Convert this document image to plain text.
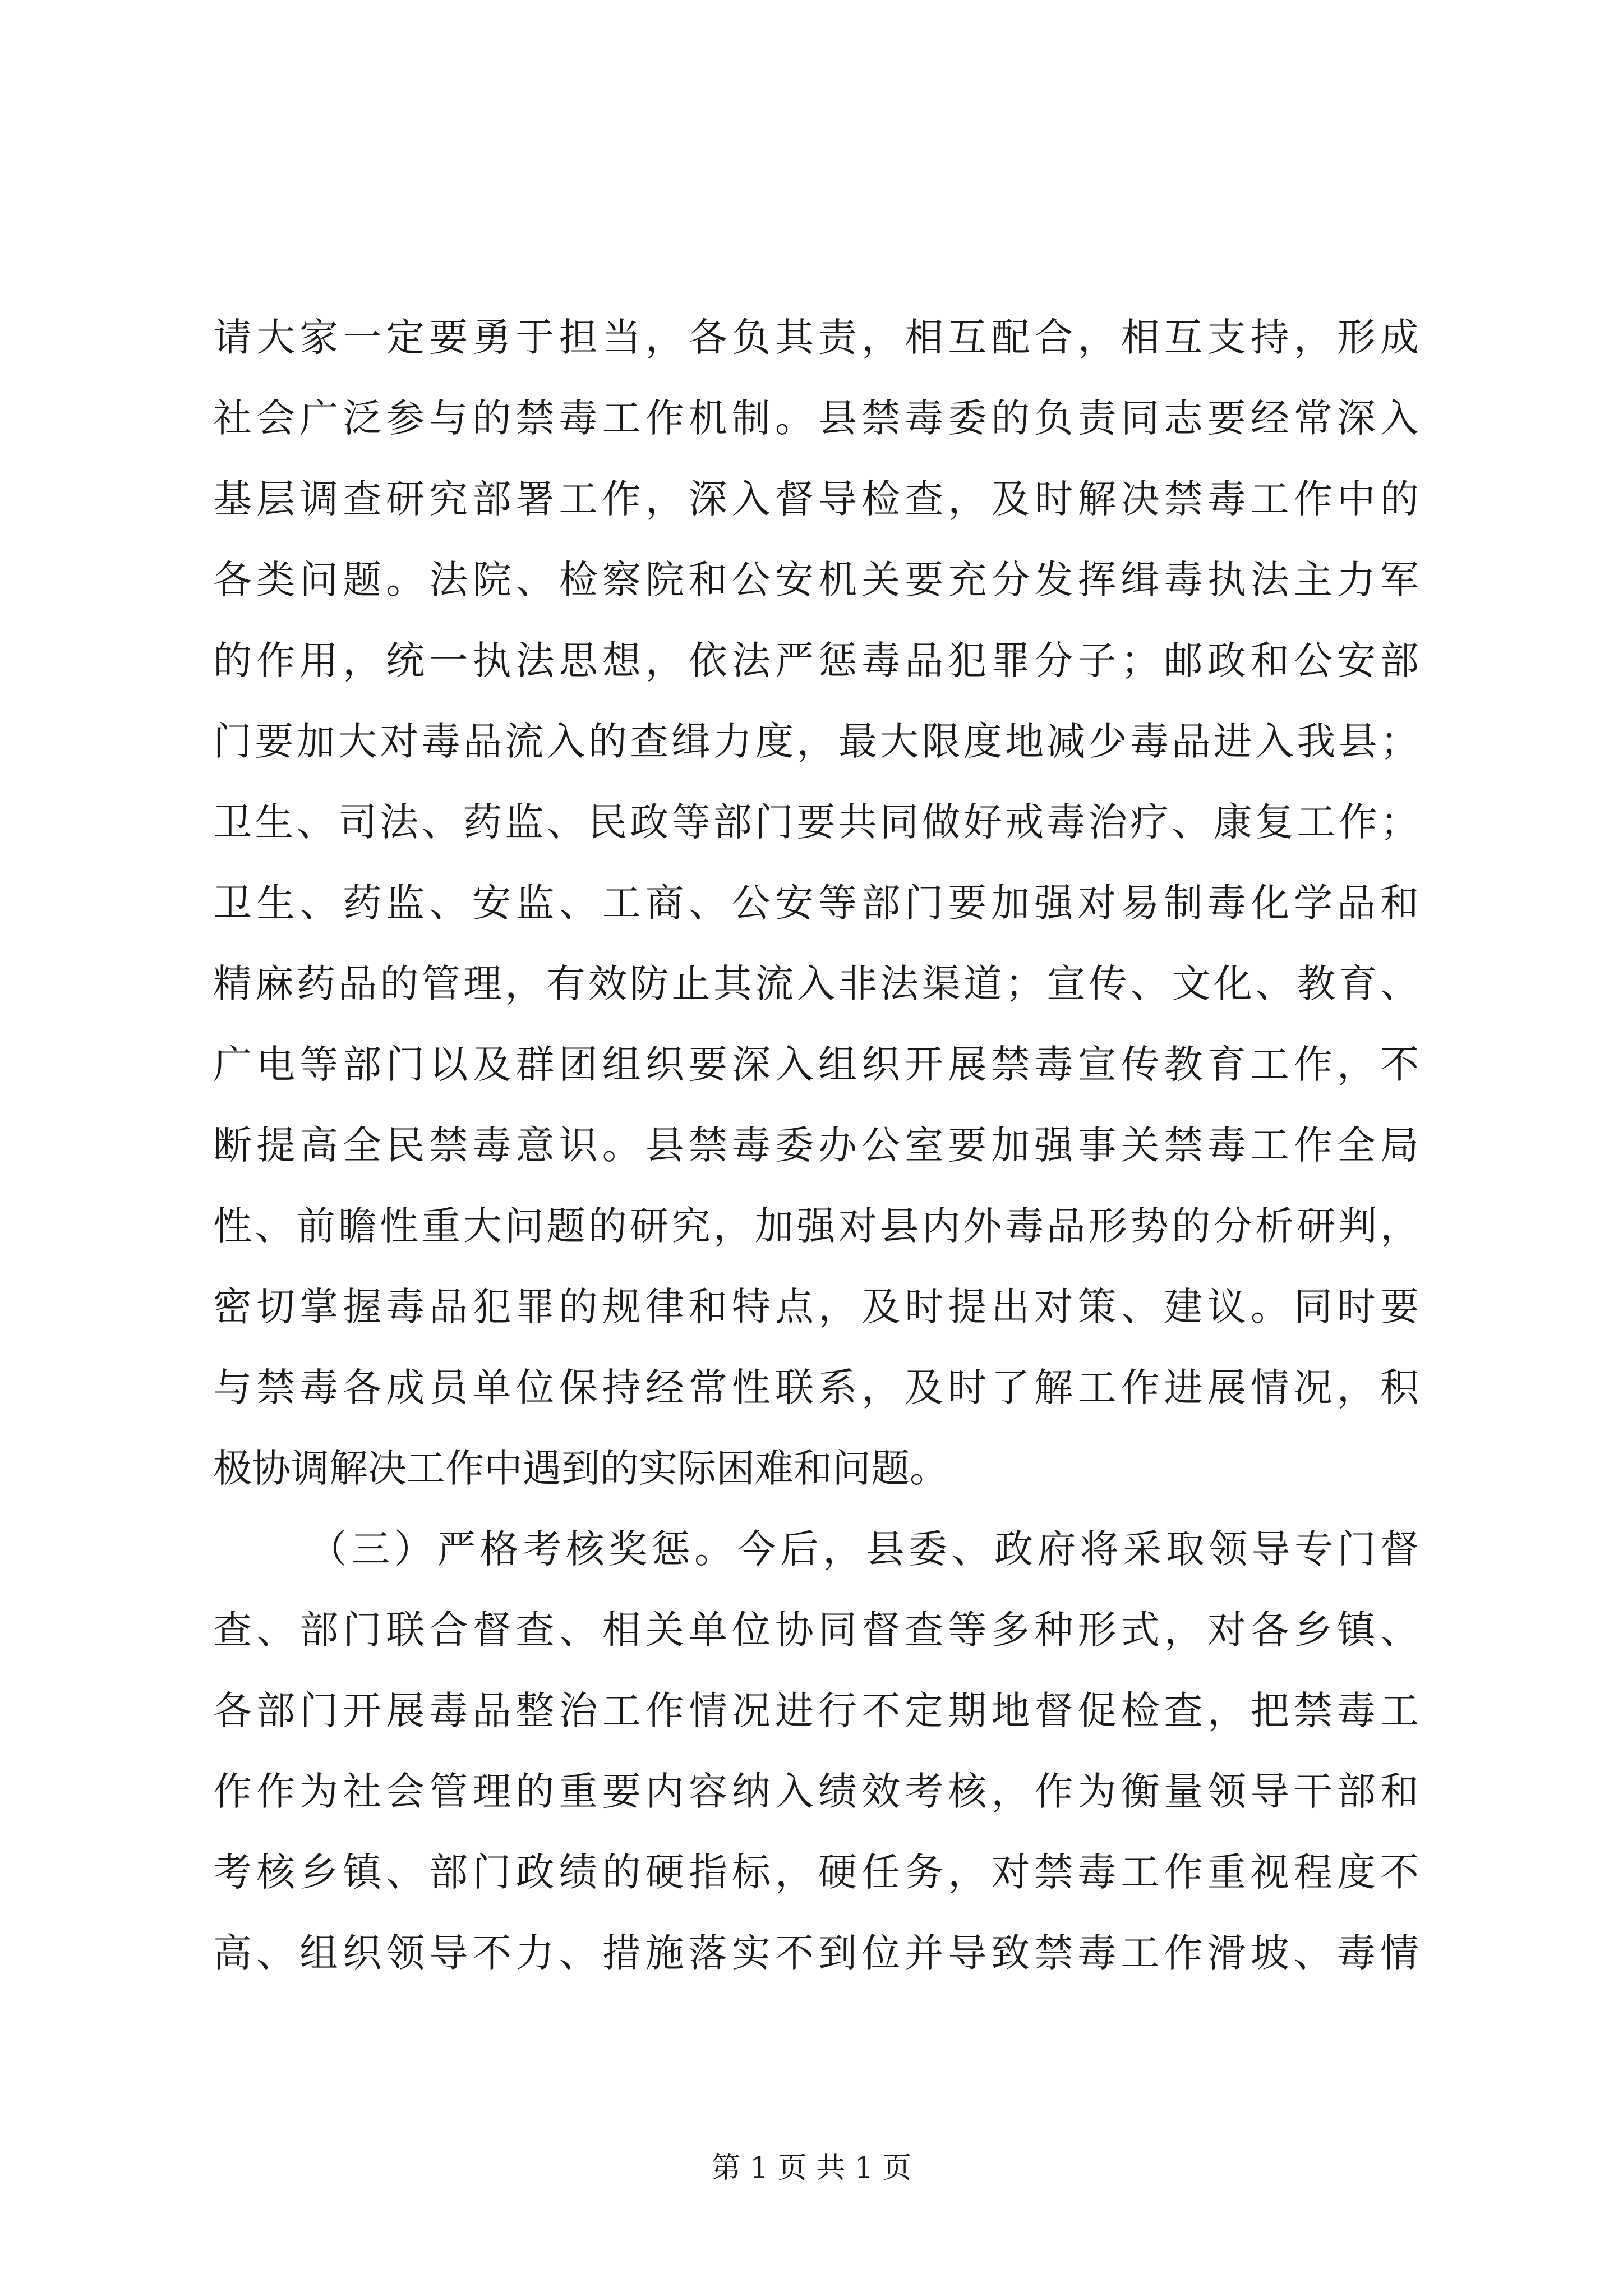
请大家一定要勇于担当，各负其责，相互配合，相互支持，形成
社会广泛参与的禁毒工作机制。县禁毒委的负责同志要经常深入
基层调查研究部署工作，深入督导检查，及时解决禁毒工作中的
各类问题。法院、检察院和公安机关要充分发挥缉毒执法主力军
的作用，统一执法思想，依法严惩毒品犯罪分子；邮政和公安部
门要加大对毒品流入的查缉力度，最大限度地减少毒品进入我县；
卫生、司法、药监、民政等部门要共同做好戒毒治疗、康复工作；
卫生、药监、安监、工商、公安等部门要加强对易制毒化学品和
精麻药品的管理，有效防止其流入非法渠道；宣传、文化、教育、
广电等部门以及群团组织要深入组织开展禁毒宣传教育工作，不
断提高全民禁毒意识。县禁毒委办公室要加强事关禁毒工作全局
性、前瞻性重大问题的研究，加强对县内外毒品形势的分析研判，
密切掌握毒品犯罪的规律和特点，及时提出对策、建议。同时要
与禁毒各成员单位保持经常性联系，及时了解工作进展情况，积
极协调解决工作中遇到的实际困难和问题。
（三）严格考核奖惩。今后，县委、政府将采取领导专门督
查、部门联合督查、相关单位协同督查等多种形式，对各乡镇、
各部门开展毒品整治工作情况进行不定期地督促检查，把禁毒工
作作为社会管理的重要内容纳入绩效考核，作为衡量领导干部和
考核乡镇、部门政绩的硬指标，硬任务，对禁毒工作重视程度不
高、组织领导不力、措施落实不到位并导致禁毒工作滑坡、毒情
第 1 页 共 1 页
